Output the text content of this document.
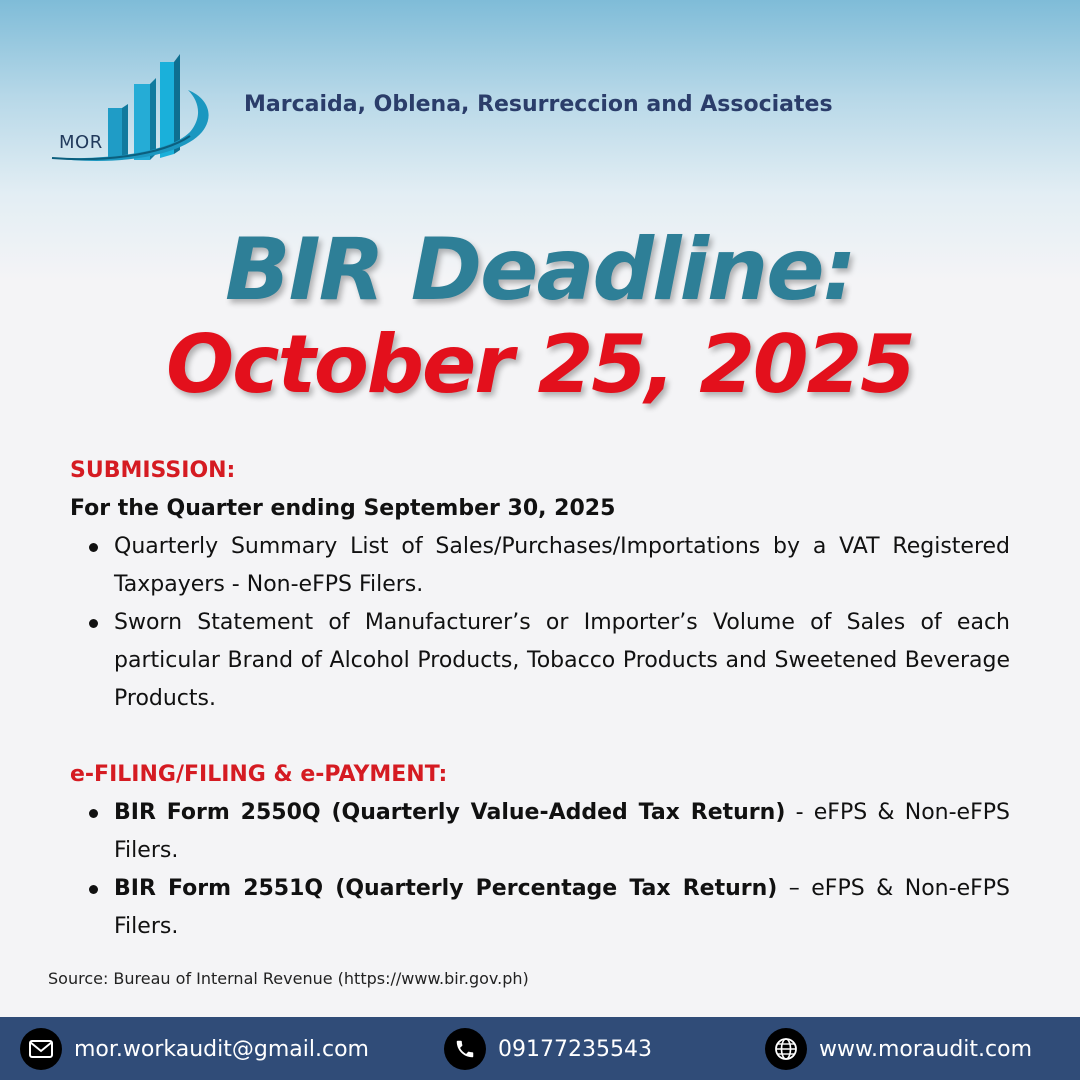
MOR
Marcaida, Oblena, Resurreccion and Associates
BIR Deadline:
October 25, 2025
SUBMISSION:
For the Quarter ending September 30, 2025
Quarterly Summary List of Sales/Purchases/Importations by a VAT Registered Taxpayers - Non-eFPS Filers.
Sworn Statement of Manufacturer’s or Importer’s Volume of Sales of each particular Brand of Alcohol Products, Tobacco Products and Sweetened Beverage Products.
e-FILING/FILING & e-PAYMENT:
BIR Form 2550Q (Quarterly Value-Added Tax Return) - eFPS & Non-eFPS Filers.
BIR Form 2551Q (Quarterly Percentage Tax Return) – eFPS & Non-eFPS Filers.
Source: Bureau of Internal Revenue (https://www.bir.gov.ph)
mor.workaudit@gmail.com	09177235543	www.moraudit.com
